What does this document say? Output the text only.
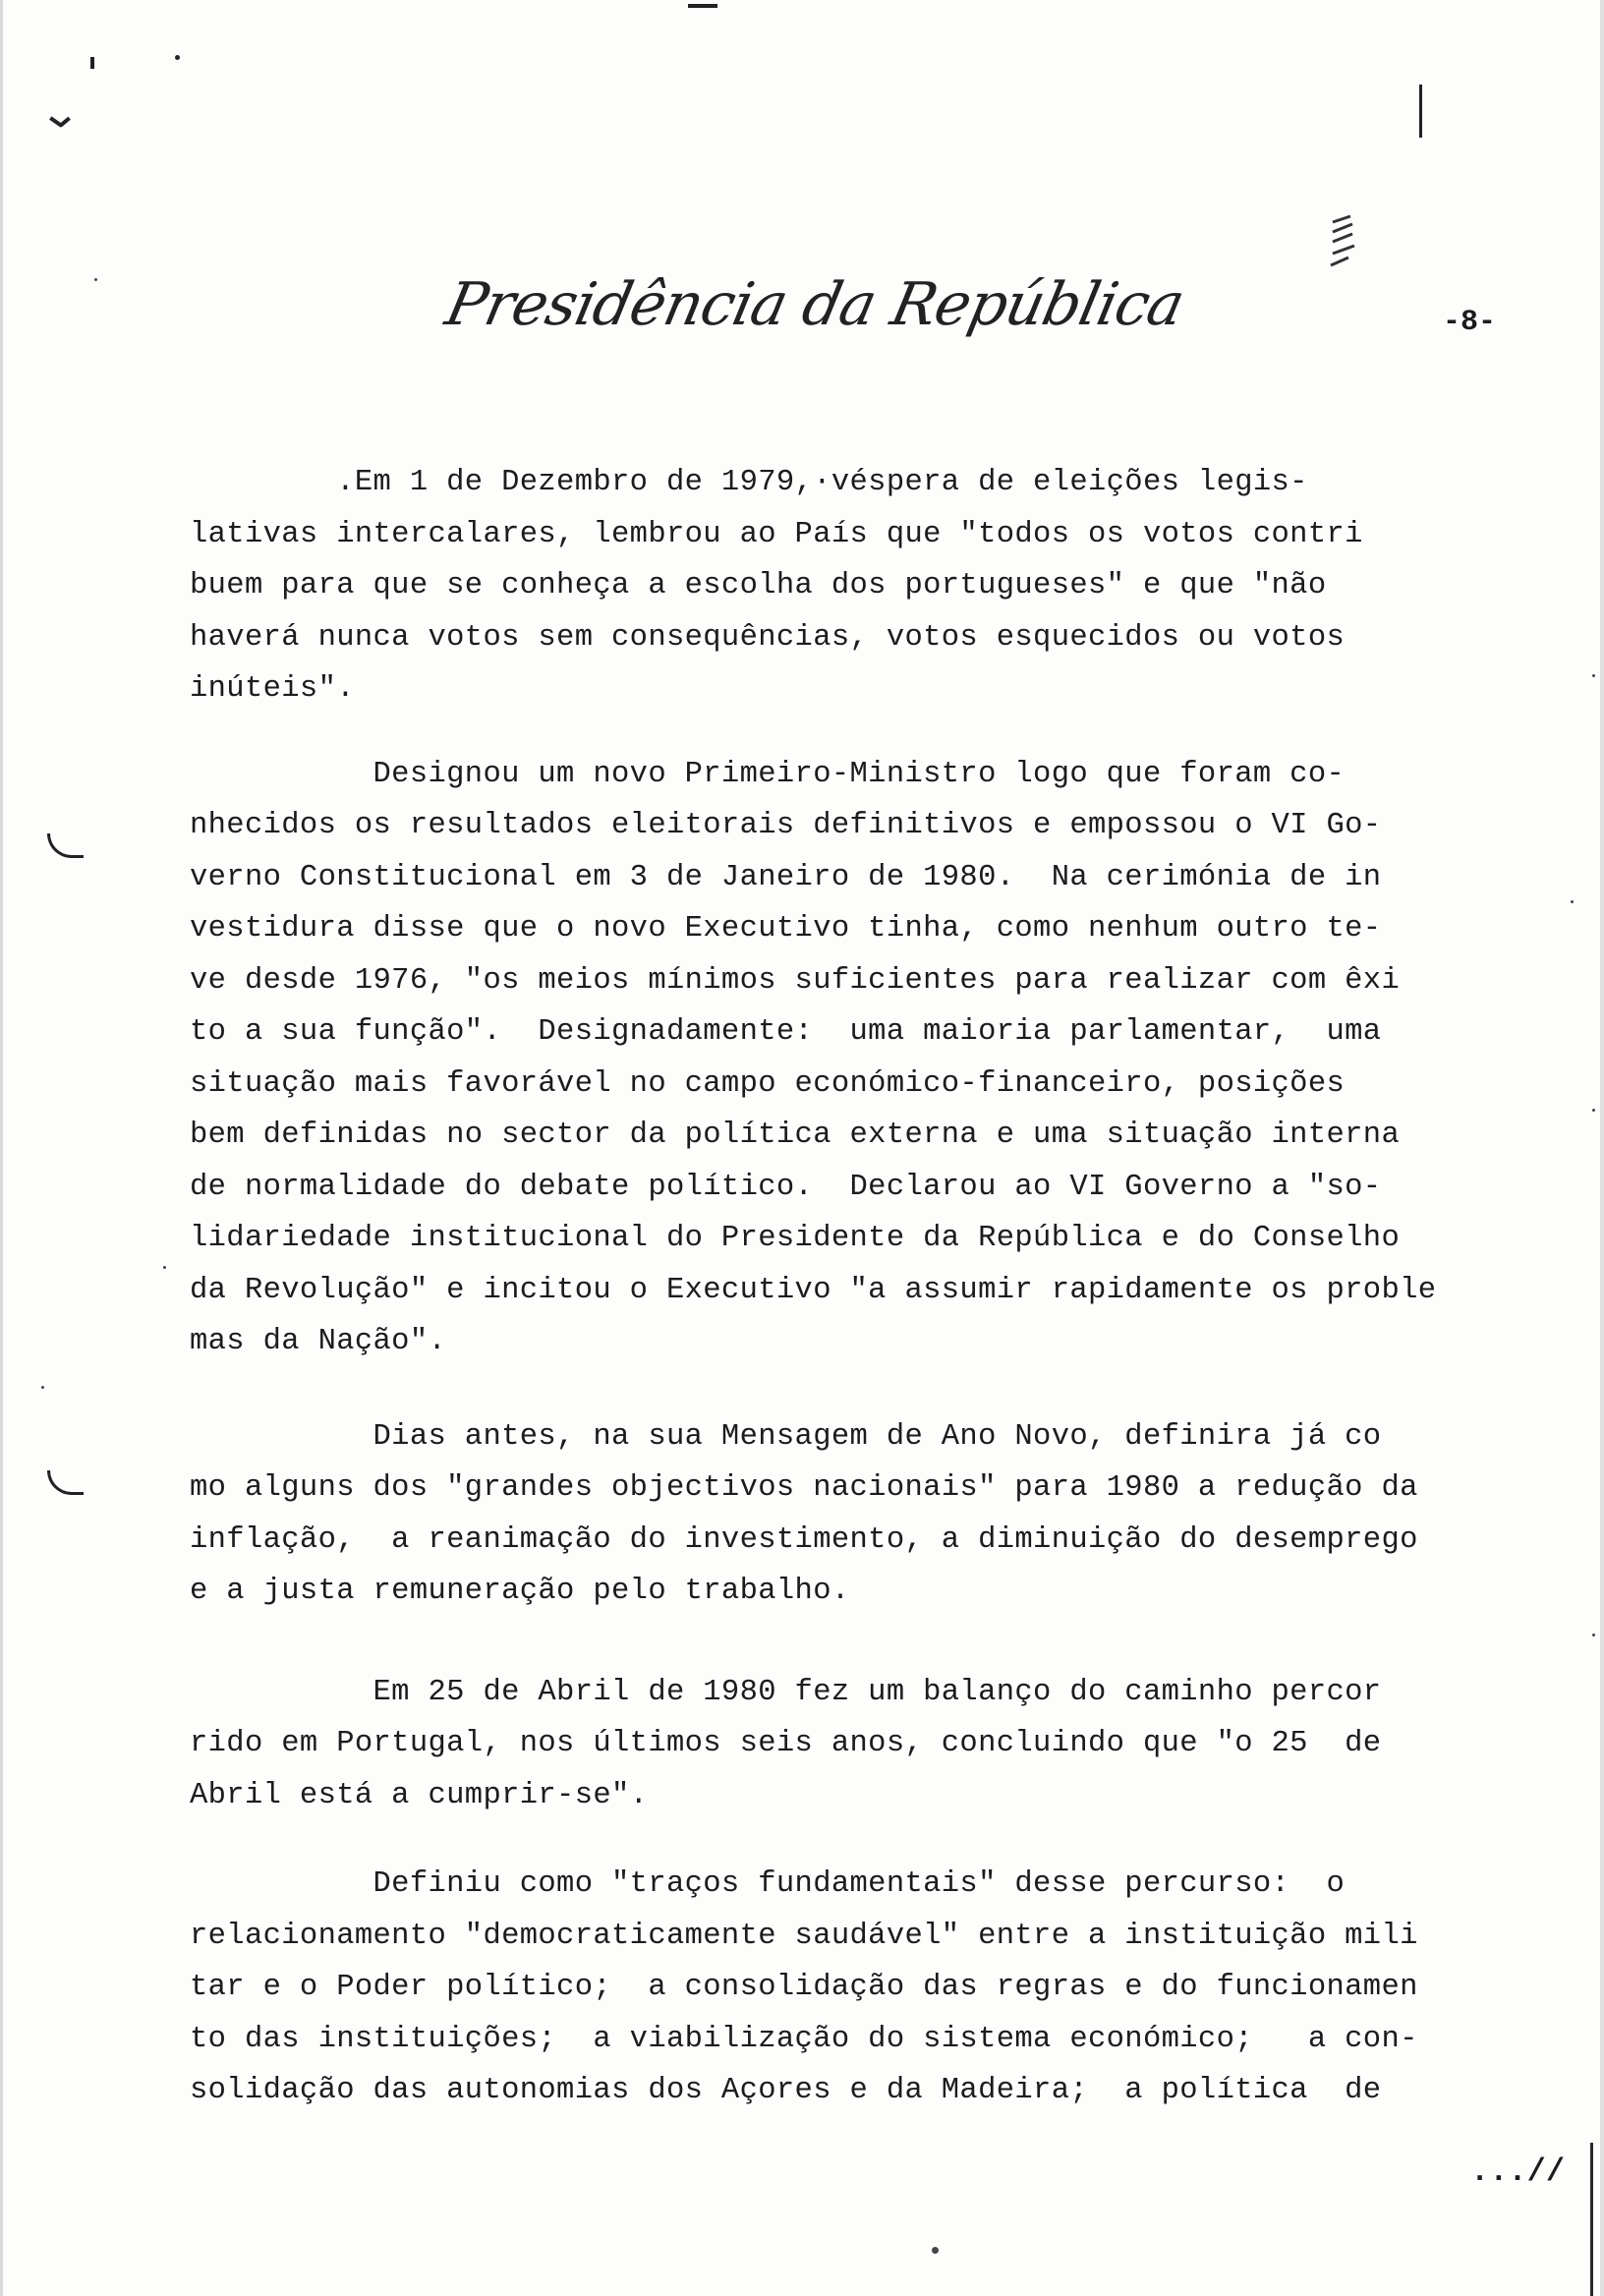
Presidência da República	-8-
.Em 1 de Dezembro de 1979,·véspera de eleições legis-
lativas intercalares, lembrou ao País que "todos os votos contri
buem para que se conheça a escolha dos portugueses" e que "não
haverá nunca votos sem consequências, votos esquecidos ou votos
inúteis".
Designou um novo Primeiro-Ministro logo que foram co-
nhecidos os resultados eleitorais definitivos e empossou o VI Go-
verno Constitucional em 3 de Janeiro de 1980.  Na cerimónia de in
vestidura disse que o novo Executivo tinha, como nenhum outro te-
ve desde 1976, "os meios mínimos suficientes para realizar com êxi
to a sua função".  Designadamente:  uma maioria parlamentar,  uma
situação mais favorável no campo económico-financeiro, posições
bem definidas no sector da política externa e uma situação interna
de normalidade do debate político.  Declarou ao VI Governo a "so-
lidariedade institucional do Presidente da República e do Conselho
da Revolução" e incitou o Executivo "a assumir rapidamente os proble
mas da Nação".
Dias antes, na sua Mensagem de Ano Novo, definira já co
mo alguns dos "grandes objectivos nacionais" para 1980 a redução da
inflação,  a reanimação do investimento, a diminuição do desemprego
e a justa remuneração pelo trabalho.
Em 25 de Abril de 1980 fez um balanço do caminho percor
rido em Portugal, nos últimos seis anos, concluindo que "o 25  de
Abril está a cumprir-se".
Definiu como "traços fundamentais" desse percurso:  o
relacionamento "democraticamente saudável" entre a instituição mili
tar e o Poder político;  a consolidação das regras e do funcionamen
to das instituições;  a viabilização do sistema económico;   a con-
solidação das autonomias dos Açores e da Madeira;  a política  de
...//
